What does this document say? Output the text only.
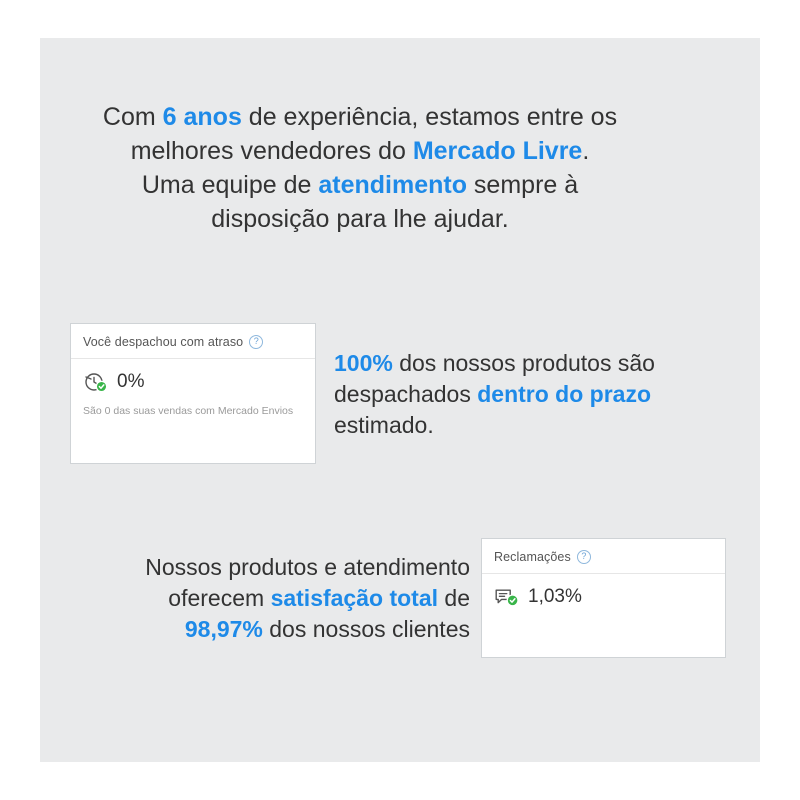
Com 6 anos de experiência, estamos entre os
melhores vendedores do Mercado Livre.
Uma equipe de atendimento sempre à
disposição para lhe ajudar.
Você despachou com atraso	?
0%
São 0 das suas vendas com Mercado Envios
100% dos nossos produtos são despachados dentro do prazo estimado.
Nossos produtos e atendimento oferecem satisfação total de 98,97% dos nossos clientes
Reclamações	?
1,03%
